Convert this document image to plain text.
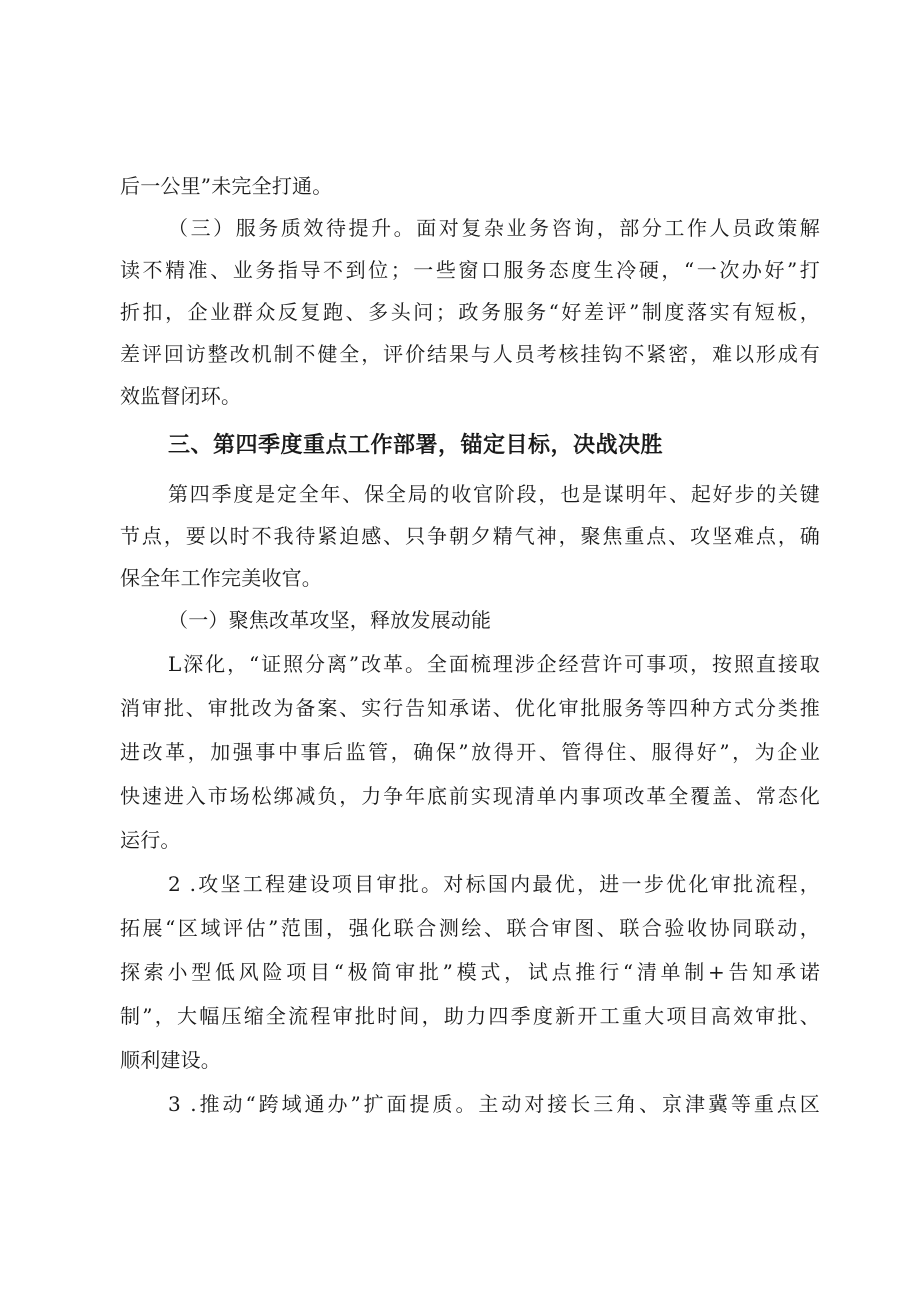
后一公里”未完全打通。
（三）服务质效待提升。面对复杂业务咨询，部分工作人员政策解
读不精准、业务指导不到位；一些窗口服务态度生冷硬，“一次办好”打
折扣，企业群众反复跑、多头问；政务服务“好差评”制度落实有短板，
差评回访整改机制不健全，评价结果与人员考核挂钩不紧密，难以形成有
效监督闭环。
三、第四季度重点工作部署，锚定目标，决战决胜
第四季度是定全年、保全局的收官阶段，也是谋明年、起好步的关键
节点，要以时不我待紧迫感、只争朝夕精气神，聚焦重点、攻坚难点，确
保全年工作完美收官。
（一）聚焦改革攻坚，释放发展动能
L深化，“证照分离”改革。全面梳理涉企经营许可事项，按照直接取
消审批、审批改为备案、实行告知承诺、优化审批服务等四种方式分类推
进改革，加强事中事后监管，确保”放得开、管得住、服得好”，为企业
快速进入市场松绑减负，力争年底前实现清单内事项改革全覆盖、常态化
运行。
2 .攻坚工程建设项目审批。对标国内最优，进一步优化审批流程，
拓展“区域评估”范围，强化联合测绘、联合审图、联合验收协同联动，
探索小型低风险项目“极简审批”模式，试点推行“清单制+告知承诺
制”，大幅压缩全流程审批时间，助力四季度新开工重大项目高效审批、
顺利建设。
3 .推动“跨域通办”扩面提质。主动对接长三角、京津冀等重点区
